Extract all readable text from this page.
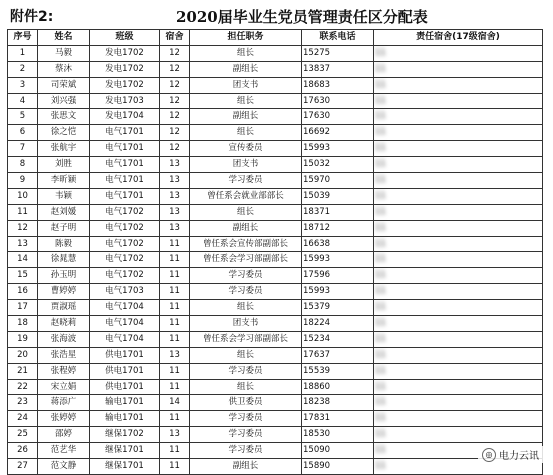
附件2:	2020届毕业生党员管理责任区分配表
序号	姓名	班级	宿舍	担任职务	联系电话	责任宿舍(17级宿舍)
1	马毅	发电1702	12	组长	15275	11
2	蔡沐	发电1702	12	副组长	13837	11
3	司荣斌	发电1702	12	团支书	18683	11
4	刘兴强	发电1703	12	组长	17630	11
5	张思文	发电1704	12	副组长	17630	11
6	徐之恺	电气1701	12	组长	16692	11
7	张航宇	电气1701	12	宣传委员	15993	11
8	刘胜	电气1701	13	团支书	15032	11
9	李昕颖	电气1701	13	学习委员	15970	11
10	韦颖	电气1701	13	曾任系会就业部部长	15039	11
11	赵刘媛	电气1702	13	组长	18371	11
12	赵子明	电气1702	13	副组长	18712	11
13	陈毅	电气1702	11	曾任系会宣传部副部长	16638	11
14	徐晁慧	电气1702	11	曾任系会学习部副部长	15993	11
15	孙玉明	电气1702	11	学习委员	17596	11
16	曹婷婷	电气1703	11	学习委员	15993	11
17	贾淑瑶	电气1704	11	组长	15379	11
18	赵晓莉	电气1704	11	团支书	18224	11
19	张海波	电气1704	11	曾任系会学习部副部长	15234	11
20	张浩星	供电1701	13	组长	17637	11
21	张程婷	供电1701	11	学习委员	15539	11
22	宋立娟	供电1701	11	组长	18860	11
23	蒋添广	输电1701	14	供卫委员	18238	11
24	张婷婷	输电1701	11	学习委员	17831	11
25	邵婷	继保1702	13	学习委员	18530	11
26	范艺华	继保1701	11	学习委员	15090	11
27	范文静	继保1701	11	副组长	15890	11
◎ 电力云讯
